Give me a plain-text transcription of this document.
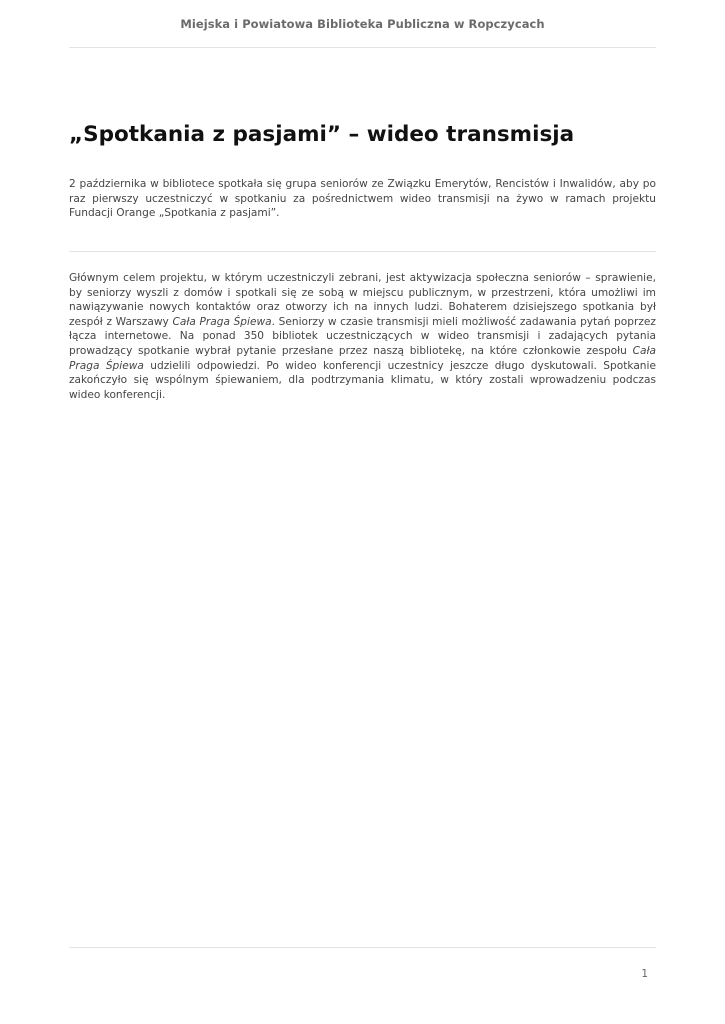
Miejska i Powiatowa Biblioteka Publiczna w Ropczycach
„Spotkania z pasjami” – wideo transmisja

2 października w bibliotece spotkała się grupa seniorów ze Związku Emerytów, Rencistów i Inwalidów, aby po raz pierwszy uczestniczyć w spotkaniu za pośrednictwem wideo transmisji na żywo w ramach projektu Fundacji Orange „Spotkania z pasjami”.

Głównym celem projektu, w którym uczestniczyli zebrani, jest aktywizacja społeczna seniorów – sprawienie, by seniorzy wyszli z domów i spotkali się ze sobą w miejscu publicznym, w przestrzeni, która umożliwi im nawiązywanie nowych kontaktów oraz otworzy ich na innych ludzi. Bohaterem dzisiejszego spotkania był zespół z Warszawy Cała Praga Śpiewa. Seniorzy w czasie transmisji mieli możliwość zadawania pytań poprzez łącza internetowe. Na ponad 350 bibliotek uczestniczących w wideo transmisji i zadających pytania prowadzący spotkanie wybrał pytanie przesłane przez naszą bibliotekę, na które członkowie zespołu Cała Praga Śpiewa udzielili odpowiedzi. Po wideo konferencji uczestnicy jeszcze długo dyskutowali. Spotkanie zakończyło się wspólnym śpiewaniem, dla podtrzymania klimatu, w który zostali wprowadzeniu podczas wideo konferencji.

1
